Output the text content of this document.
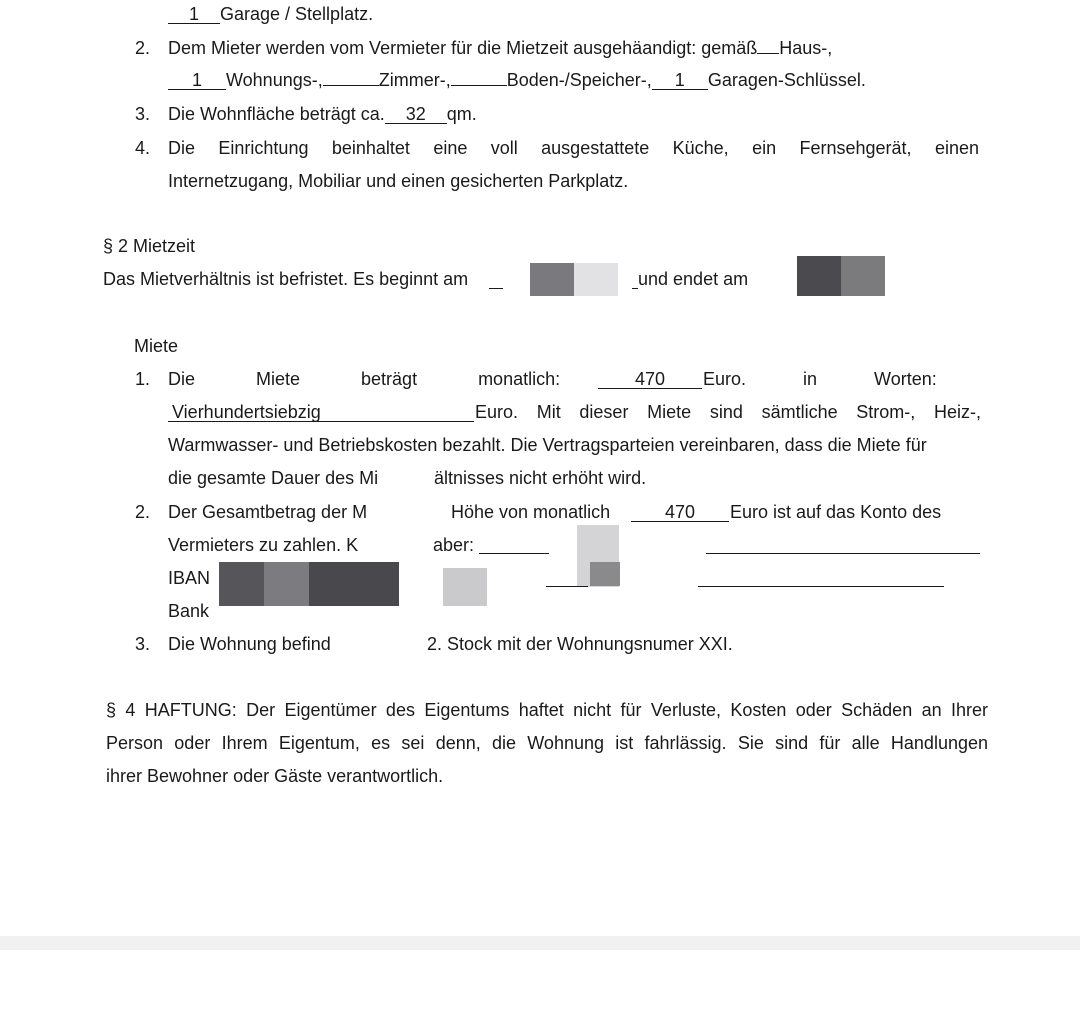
1 Garage / Stellplatz.
2. Dem Mieter werden vom Vermieter für die Mietzeit ausgehäandigt: gemäß Haus-,
1 Wohnungs-,	Zimmer-,	Boden-/Speicher-, 1 Garagen-Schlüssel.
3. Die Wohnfläche beträgt ca. 32 qm.
4. Die Einrichtung beinhaltet eine voll ausgestattete Küche, ein Fernsehgerät, einen
Internetzugang, Mobiliar und einen gesicherten Parkplatz.
§ 2 Mietzeit
Das Mietverhältnis ist befristet. Es beginnt am	und endet am
Miete
1. Die Miete beträgt monatlich:	470	Euro. in Worten:
Vierhundertsiebzig	Euro. Mit dieser Miete sind sämtliche Strom-, Heiz-,
Warmwasser- und Betriebskosten bezahlt. Die Vertragsparteien vereinbaren, dass die Miete für
die gesamte Dauer des Mi	ältnisses nicht erhöht wird.
2. Der Gesamtbetrag der M	Höhe von monatlich	470	Euro ist auf das Konto des
Vermieters zu zahlen. K	aber:
IBAN
Bank
3. Die Wohnung befind	2. Stock mit der Wohnungsnumer XXI.
§ 4 HAFTUNG: Der Eigentümer des Eigentums haftet nicht für Verluste, Kosten oder Schäden an Ihrer
Person oder Ihrem Eigentum, es sei denn, die Wohnung ist fahrlässig. Sie sind für alle Handlungen
ihrer Bewohner oder Gäste verantwortlich.
